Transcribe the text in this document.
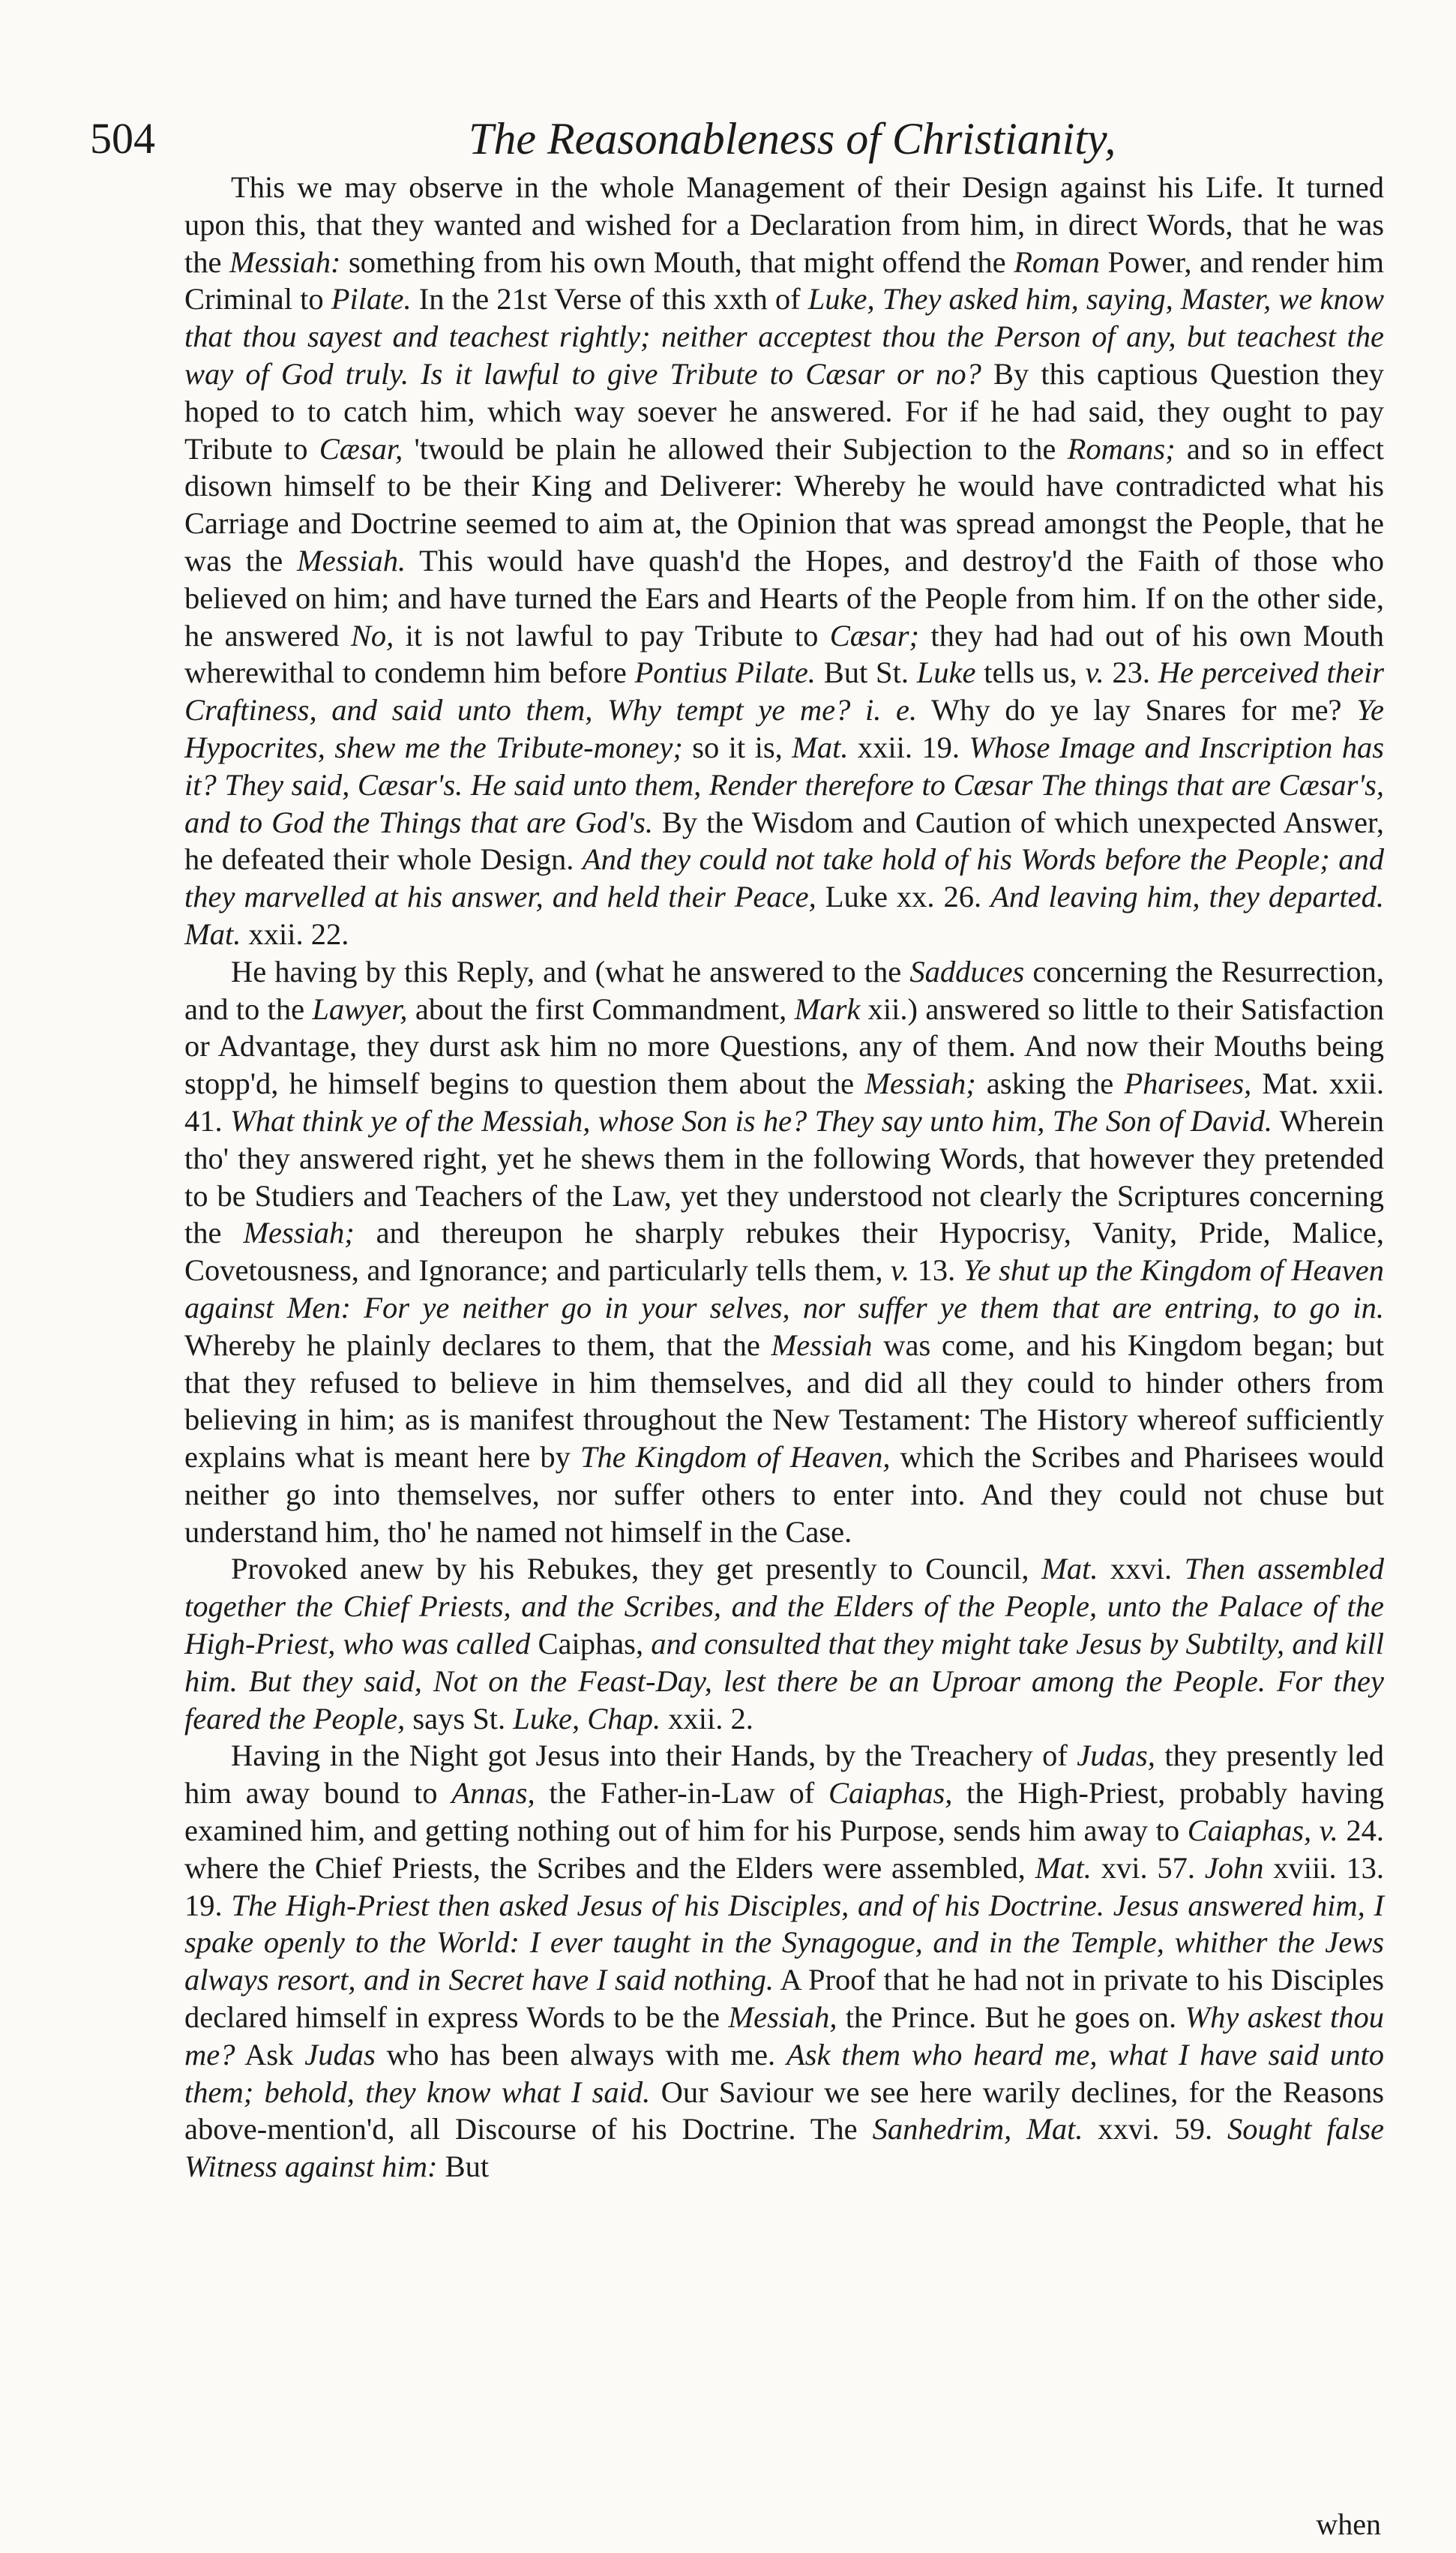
504	The Reasonableness of Christianity,

This we may observe in the whole Management of their Design against his Life. It turned upon this, that they wanted and wished for a Declaration from him, in direct Words, that he was the Messiah: something from his own Mouth, that might offend the Roman Power, and render him Criminal to Pilate. In the 21st Verse of this xxth of Luke, They asked him, saying, Master, we know that thou sayest and teachest rightly; neither acceptest thou the Person of any, but teachest the way of God truly. Is it lawful to give Tribute to Cæsar or no? By this captious Question they hoped to to catch him, which way soever he answered. For if he had said, they ought to pay Tribute to Cæsar, 'twould be plain he allowed their Subjection to the Romans; and so in effect disown himself to be their King and Deliverer: Whereby he would have contradicted what his Carriage and Doctrine seemed to aim at, the Opinion that was spread amongst the People, that he was the Messiah. This would have quash'd the Hopes, and destroy'd the Faith of those who believed on him; and have turned the Ears and Hearts of the People from him. If on the other side, he answered No, it is not lawful to pay Tribute to Cæsar; they had had out of his own Mouth wherewithal to condemn him before Pontius Pilate. But St. Luke tells us, v. 23. He perceived their Craftiness, and said unto them, Why tempt ye me? i. e. Why do ye lay Snares for me? Ye Hypocrites, shew me the Tribute-money; so it is, Mat. xxii. 19. Whose Image and Inscription has it? They said, Cæsar's. He said unto them, Render therefore to Cæsar The things that are Cæsar's, and to God the Things that are God's. By the Wisdom and Caution of which unexpected Answer, he defeated their whole Design. And they could not take hold of his Words before the People; and they marvelled at his answer, and held their Peace, Luke xx. 26. And leaving him, they departed. Mat. xxii. 22.

He having by this Reply, and (what he answered to the Sadduces concerning the Resurrection, and to the Lawyer, about the first Commandment, Mark xii.) answered so little to their Satisfaction or Advantage, they durst ask him no more Questions, any of them. And now their Mouths being stopp'd, he himself begins to question them about the Messiah; asking the Pharisees, Mat. xxii. 41. What think ye of the Messiah, whose Son is he? They say unto him, The Son of David. Wherein tho' they answered right, yet he shews them in the following Words, that however they pretended to be Studiers and Teachers of the Law, yet they understood not clearly the Scriptures concerning the Messiah; and thereupon he sharply rebukes their Hypocrisy, Vanity, Pride, Malice, Covetousness, and Ignorance; and particularly tells them, v. 13. Ye shut up the Kingdom of Heaven against Men: For ye neither go in your selves, nor suffer ye them that are entring, to go in. Whereby he plainly declares to them, that the Messiah was come, and his Kingdom began; but that they refused to believe in him themselves, and did all they could to hinder others from believing in him; as is manifest throughout the New Testament: The History whereof sufficiently explains what is meant here by The Kingdom of Heaven, which the Scribes and Pharisees would neither go into themselves, nor suffer others to enter into. And they could not chuse but understand him, tho' he named not himself in the Case.

Provoked anew by his Rebukes, they get presently to Council, Mat. xxvi. Then assembled together the Chief Priests, and the Scribes, and the Elders of the People, unto the Palace of the High-Priest, who was called Caiphas, and consulted that they might take Jesus by Subtilty, and kill him. But they said, Not on the Feast-Day, lest there be an Uproar among the People. For they feared the People, says St. Luke, Chap. xxii. 2.

Having in the Night got Jesus into their Hands, by the Treachery of Judas, they presently led him away bound to Annas, the Father-in-Law of Caiaphas, the High-Priest, probably having examined him, and getting nothing out of him for his Purpose, sends him away to Caiaphas, v. 24. where the Chief Priests, the Scribes and the Elders were assembled, Mat. xvi. 57. John xviii. 13. 19. The High-Priest then asked Jesus of his Disciples, and of his Doctrine. Jesus answered him, I spake openly to the World: I ever taught in the Synagogue, and in the Temple, whither the Jews always resort, and in Secret have I said nothing. A Proof that he had not in private to his Disciples declared himself in express Words to be the Messiah, the Prince. But he goes on. Why askest thou me? Ask Judas who has been always with me. Ask them who heard me, what I have said unto them; behold, they know what I said. Our Saviour we see here warily declines, for the Reasons above-mention'd, all Discourse of his Doctrine. The Sanhedrim, Mat. xxvi. 59. Sought false Witness against him: But

when
